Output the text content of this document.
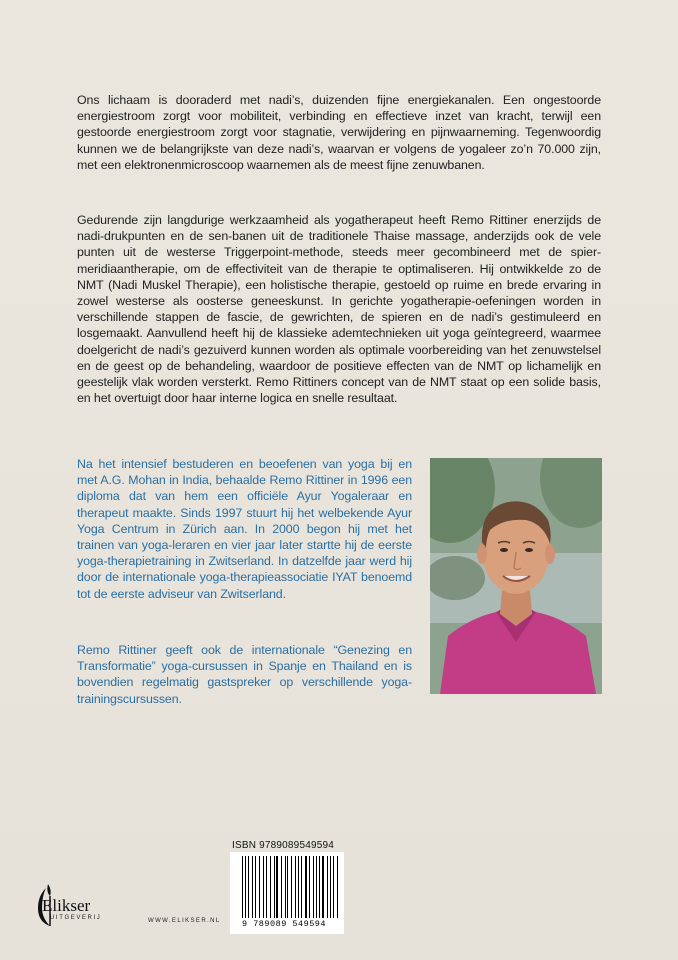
Ons lichaam is dooraderd met nadi’s, duizenden fijne energiekanalen. Een ongestoorde energiestroom zorgt voor mobiliteit, verbinding en effectieve inzet van kracht, terwijl een gestoorde energiestroom zorgt voor stagnatie, verwijdering en pijnwaarneming. Tegenwoordig kunnen we de belangrijkste van deze nadi’s, waarvan er volgens de yogaleer zo’n 70.000 zijn, met een elektronenmicroscoop waarnemen als de meest fijne zenuwbanen.

Gedurende zijn langdurige werkzaamheid als yogatherapeut heeft Remo Rittiner enerzijds de nadi-drukpunten en de sen-banen uit de traditionele Thaise massage, anderzijds ook de vele punten uit de westerse Triggerpoint-methode, steeds meer gecombineerd met de spier-meridiaantherapie, om de effectiviteit van de therapie te optimaliseren. Hij ontwikkelde zo de NMT (Nadi Muskel Therapie), een holistische therapie, gestoeld op ruime en brede ervaring in zowel westerse als oosterse geneeskunst. In gerichte yogatherapie-oefeningen worden in verschillende stappen de fascie, de gewrichten, de spieren en de nadi’s gestimuleerd en losgemaakt. Aanvullend heeft hij de klassieke ademtechnieken uit yoga geïntegreerd, waarmee doelgericht de nadi’s gezuiverd kunnen worden als optimale voorbereiding van het zenuwstelsel en de geest op de behandeling, waardoor de positieve effecten van de NMT op lichamelijk en geestelijk vlak worden versterkt. Remo Rittiners concept van de NMT staat op een solide basis, en het overtuigt door haar interne logica en snelle resultaat.

Na het intensief bestuderen en beoefenen van yoga bij en met A.G. Mohan in India, behaalde Remo Rittiner in 1996 een diploma dat van hem een officiële Ayur Yogaleraar en therapeut maakte. Sinds 1997 stuurt hij het welbekende Ayur Yoga Centrum in Zürich aan. In 2000 begon hij met het trainen van yoga-leraren en vier jaar later startte hij de eerste yoga-therapietraining in Zwitserland. In datzelfde jaar werd hij door de internationale yoga-therapieassociatie IYAT benoemd tot de eerste adviseur van Zwitserland.

Remo Rittiner geeft ook de internationale “Genezing en Transformatie” yoga-cursussen in Spanje en Thailand en is bovendien regelmatig gastspreker op verschillende yoga-trainingscursussen.

ISBN 9789089549594
9 789089 549594
Elikser
UITGEVERIJ	WWW.ELIKSER.NL
